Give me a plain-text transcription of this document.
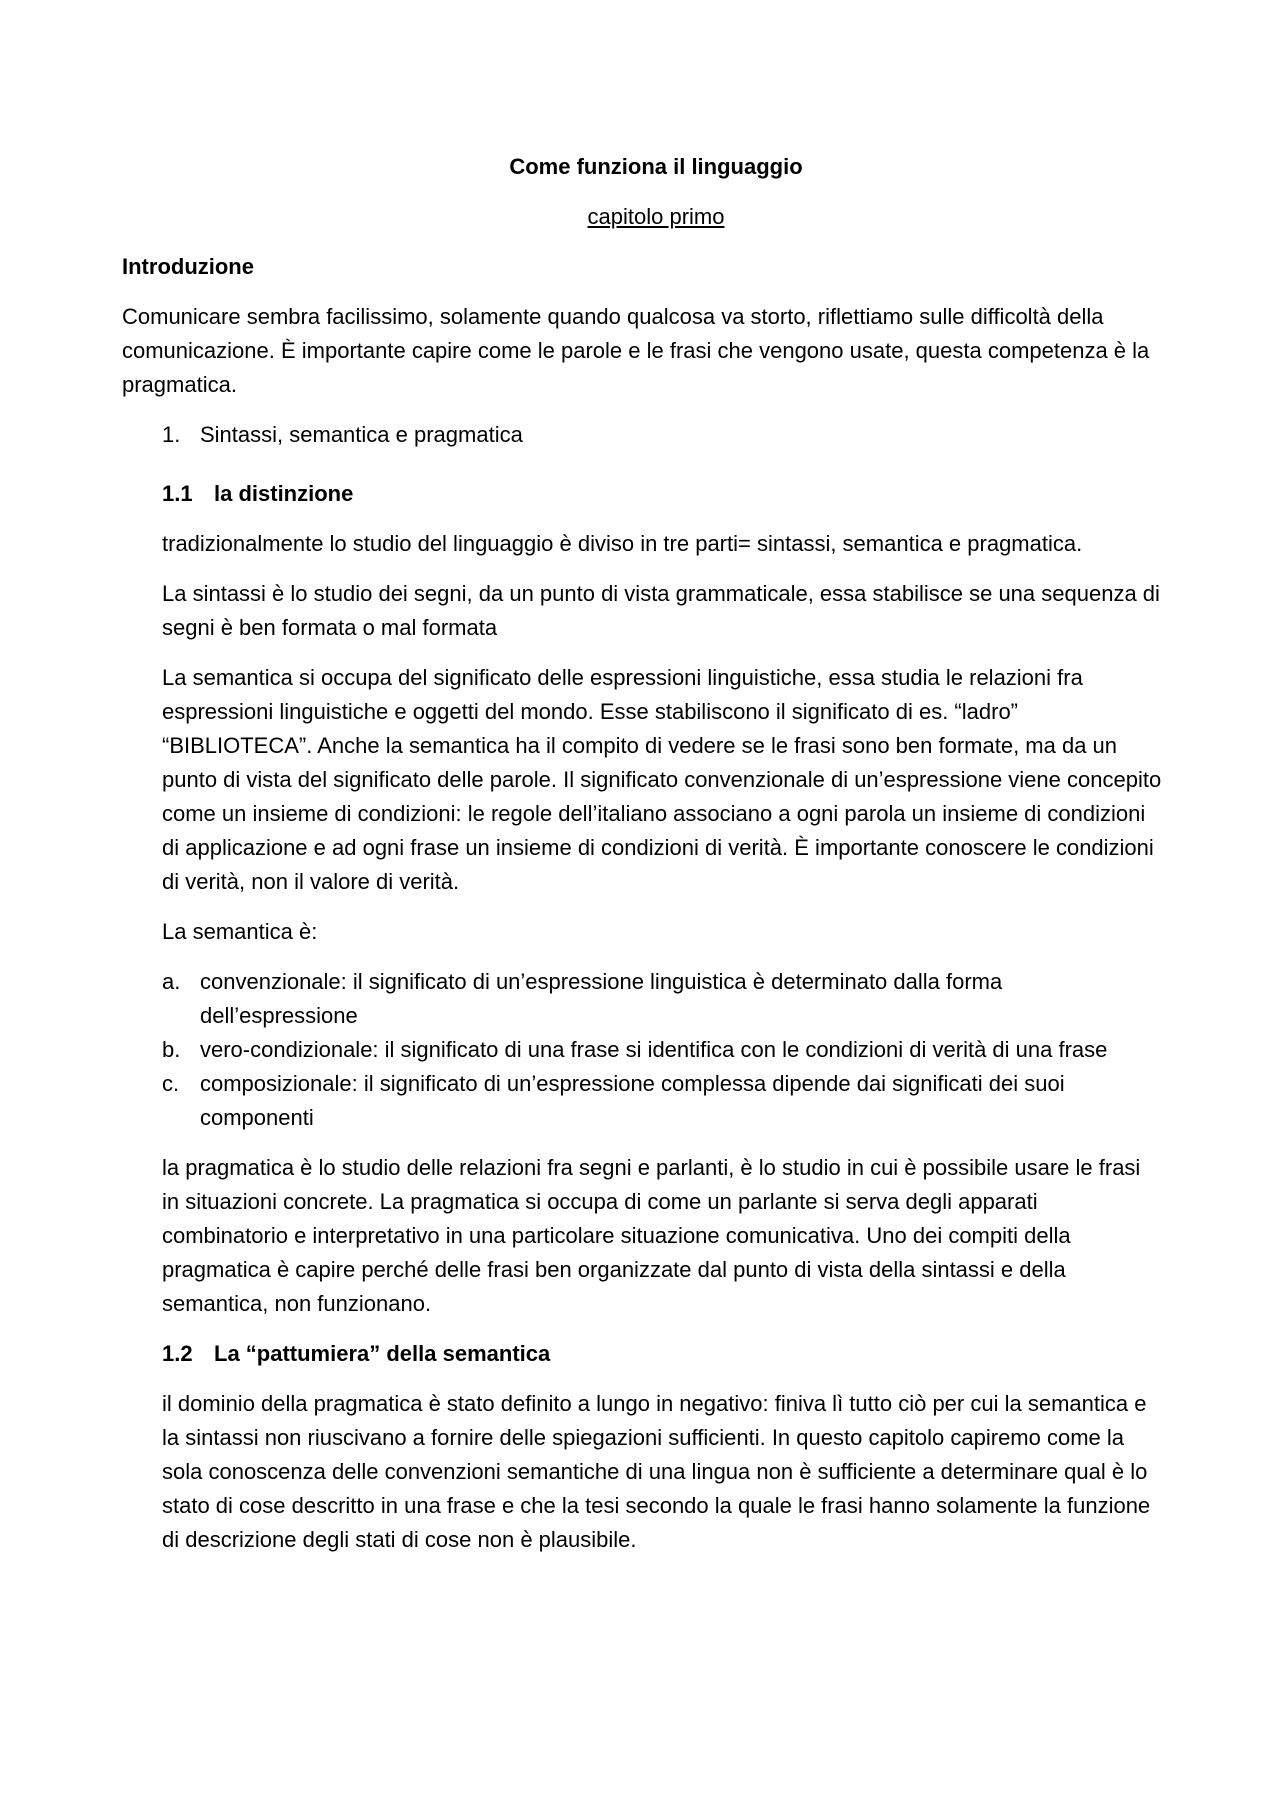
Come funziona il linguaggio
capitolo primo
Introduzione

Comunicare sembra facilissimo, solamente quando qualcosa va storto, riflettiamo sulle difficoltà della comunicazione. È importante capire come le parole e le frasi che vengono usate, questa competenza è la pragmatica.

1. Sintassi, semantica e pragmatica
1.1 la distinzione

tradizionalmente lo studio del linguaggio è diviso in tre parti= sintassi, semantica e pragmatica.

La sintassi è lo studio dei segni, da un punto di vista grammaticale, essa stabilisce se una sequenza di segni è ben formata o mal formata

La semantica si occupa del significato delle espressioni linguistiche, essa studia le relazioni fra espressioni linguistiche e oggetti del mondo. Esse stabiliscono il significato di es. “ladro” “BIBLIOTECA”. Anche la semantica ha il compito di vedere se le frasi sono ben formate, ma da un punto di vista del significato delle parole. Il significato convenzionale di un’espressione viene concepito come un insieme di condizioni: le regole dell’italiano associano a ogni parola un insieme di condizioni di applicazione e ad ogni frase un insieme di condizioni di verità. È importante conoscere le condizioni di verità, non il valore di verità.

La semantica è:

a. convenzionale: il significato di un’espressione linguistica è determinato dalla forma dell’espressione
b. vero-condizionale: il significato di una frase si identifica con le condizioni di verità di una frase
c. composizionale: il significato di un’espressione complessa dipende dai significati dei suoi componenti

la pragmatica è lo studio delle relazioni fra segni e parlanti, è lo studio in cui è possibile usare le frasi in situazioni concrete. La pragmatica si occupa di come un parlante si serva degli apparati combinatorio e interpretativo in una particolare situazione comunicativa. Uno dei compiti della pragmatica è capire perché delle frasi ben organizzate dal punto di vista della sintassi e della semantica, non funzionano.

1.2 La “pattumiera” della semantica

il dominio della pragmatica è stato definito a lungo in negativo: finiva lì tutto ciò per cui la semantica e la sintassi non riuscivano a fornire delle spiegazioni sufficienti. In questo capitolo capiremo come la sola conoscenza delle convenzioni semantiche di una lingua non è sufficiente a determinare qual è lo stato di cose descritto in una frase e che la tesi secondo la quale le frasi hanno solamente la funzione di descrizione degli stati di cose non è plausibile.
